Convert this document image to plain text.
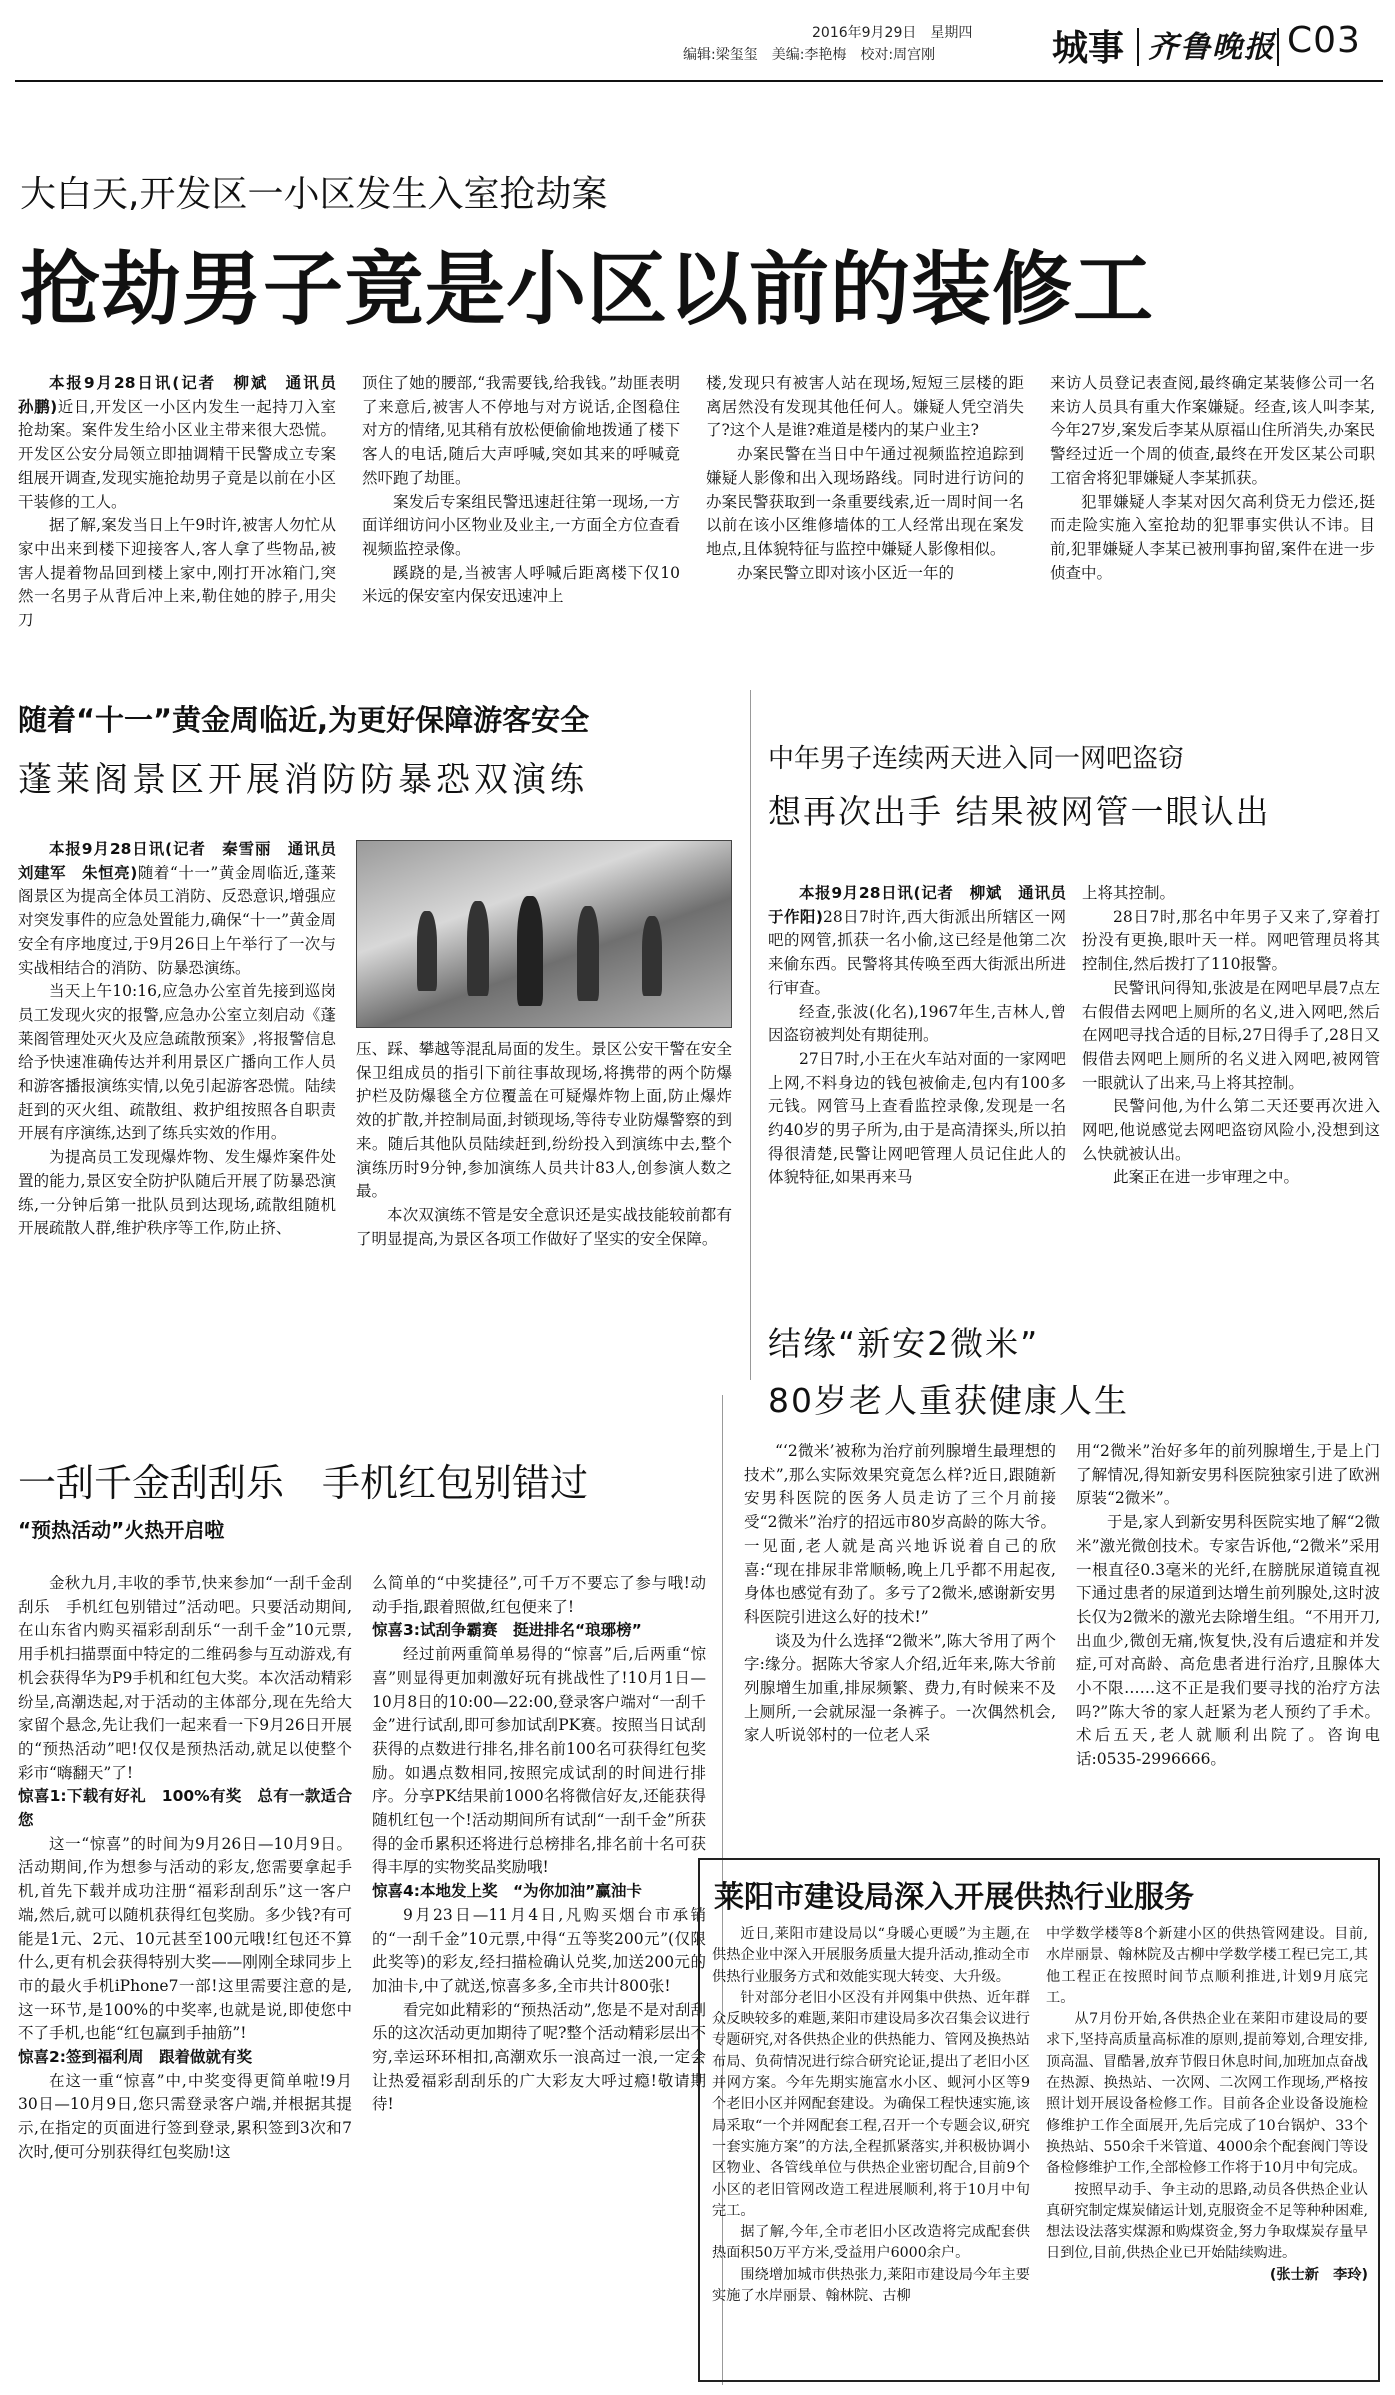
2016年9月29日　星期四
编辑:梁玺玺　美编:李艳梅　校对:周宫刚	城事 齐鲁晚报 C03
大白天,开发区一小区发生入室抢劫案
抢劫男子竟是小区以前的装修工

本报9月28日讯(记者　柳斌　通讯员　孙鹏)近日,开发区一小区内发生一起持刀入室抢劫案。案件发生给小区业主带来很大恐慌。开发区公安分局领立即抽调精干民警成立专案组展开调查,发现实施抢劫男子竟是以前在小区干装修的工人。

据了解,案发当日上午9时许,被害人勿忙从家中出来到楼下迎接客人,客人拿了些物品,被害人提着物品回到楼上家中,刚打开冰箱门,突然一名男子从背后冲上来,勒住她的脖子,用尖刀

顶住了她的腰部,“我需要钱,给我钱。”劫匪表明了来意后,被害人不停地与对方说话,企图稳住对方的情绪,见其稍有放松便偷偷地拨通了楼下客人的电话,随后大声呼喊,突如其来的呼喊竟然吓跑了劫匪。

案发后专案组民警迅速赶往第一现场,一方面详细访问小区物业及业主,一方面全方位查看视频监控录像。

蹊跷的是,当被害人呼喊后距离楼下仅10米远的保安室内保安迅速冲上

楼,发现只有被害人站在现场,短短三层楼的距离居然没有发现其他任何人。嫌疑人凭空消失了?这个人是谁?难道是楼内的某户业主?

办案民警在当日中午通过视频监控追踪到嫌疑人影像和出入现场路线。同时进行访问的办案民警获取到一条重要线索,近一周时间一名以前在该小区维修墙体的工人经常出现在案发地点,且体貌特征与监控中嫌疑人影像相似。

办案民警立即对该小区近一年的

来访人员登记表查阅,最终确定某装修公司一名来访人员具有重大作案嫌疑。经查,该人叫李某,今年27岁,案发后李某从原福山住所消失,办案民警经过近一个周的侦查,最终在开发区某公司职工宿舍将犯罪嫌疑人李某抓获。

犯罪嫌疑人李某对因欠高利贷无力偿还,挺而走险实施入室抢劫的犯罪事实供认不讳。目前,犯罪嫌疑人李某已被刑事拘留,案件在进一步侦查中。

随着“十一”黄金周临近,为更好保障游客安全
蓬莱阁景区开展消防防暴恐双演练

本报9月28日讯(记者　秦雪丽　通讯员　刘建军　朱恒亮)随着“十一”黄金周临近,蓬莱阁景区为提高全体员工消防、反恐意识,增强应对突发事件的应急处置能力,确保“十一”黄金周安全有序地度过,于9月26日上午举行了一次与实战相结合的消防、防暴恐演练。

当天上午10:16,应急办公室首先接到巡岗员工发现火灾的报警,应急办公室立刻启动《蓬莱阁管理处灭火及应急疏散预案》,将报警信息给予快速准确传达并利用景区广播向工作人员和游客播报演练实情,以免引起游客恐慌。陆续赶到的灭火组、疏散组、救护组按照各自职责开展有序演练,达到了练兵实效的作用。

为提高员工发现爆炸物、发生爆炸案件处置的能力,景区安全防护队随后开展了防暴恐演练,一分钟后第一批队员到达现场,疏散组随机开展疏散人群,维护秩序等工作,防止挤、

压、踩、攀越等混乱局面的发生。景区公安干警在安全保卫组成员的指引下前往事故现场,将携带的两个防爆护栏及防爆毯全方位覆盖在可疑爆炸物上面,防止爆炸效的扩散,并控制局面,封锁现场,等待专业防爆警察的到来。随后其他队员陆续赶到,纷纷投入到演练中去,整个演练历时9分钟,参加演练人员共计83人,创参演人数之最。

本次双演练不管是安全意识还是实战技能较前都有了明显提高,为景区各项工作做好了坚实的安全保障。

中年男子连续两天进入同一网吧盗窃
想再次出手 结果被网管一眼认出

本报9月28日讯(记者　柳斌　通讯员　于作阳)28日7时许,西大街派出所辖区一网吧的网管,抓获一名小偷,这已经是他第二次来偷东西。民警将其传唤至西大街派出所进行审查。

经查,张波(化名),1967年生,吉林人,曾因盗窃被判处有期徒刑。

27日7时,小王在火车站对面的一家网吧上网,不料身边的钱包被偷走,包内有100多元钱。网管马上查看监控录像,发现是一名约40岁的男子所为,由于是高清探头,所以拍得很清楚,民警让网吧管理人员记住此人的体貌特征,如果再来马

上将其控制。

28日7时,那名中年男子又来了,穿着打扮没有更换,眼叶天一样。网吧管理员将其控制住,然后拨打了110报警。

民警讯问得知,张波是在网吧早晨7点左右假借去网吧上厕所的名义,进入网吧,然后在网吧寻找合适的目标,27日得手了,28日又假借去网吧上厕所的名义进入网吧,被网管一眼就认了出来,马上将其控制。

民警问他,为什么第二天还要再次进入网吧,他说感觉去网吧盗窃风险小,没想到这么快就被认出。

此案正在进一步审理之中。

一刮千金刮刮乐　手机红包别错过
“预热活动”火热开启啦

金秋九月,丰收的季节,快来参加“一刮千金刮刮乐　手机红包别错过”活动吧。只要活动期间,在山东省内购买福彩刮刮乐“一刮千金”10元票,用手机扫描票面中特定的二维码参与互动游戏,有机会获得华为P9手机和红包大奖。本次活动精彩纷呈,高潮迭起,对于活动的主体部分,现在先给大家留个悬念,先让我们一起来看一下9月26日开展的“预热活动”吧!仅仅是预热活动,就足以使整个彩市“嗨翻天”了!

惊喜1:下载有好礼　100%有奖　总有一款适合您

这一“惊喜”的时间为9月26日—10月9日。活动期间,作为想参与活动的彩友,您需要拿起手机,首先下载并成功注册“福彩刮刮乐”这一客户端,然后,就可以随机获得红包奖励。多少钱?有可能是1元、2元、10元甚至100元哦!红包还不算什么,更有机会获得特别大奖——刚刚全球同步上市的最火手机iPhone7一部!这里需要注意的是,这一环节,是100%的中奖率,也就是说,即使您中不了手机,也能“红包赢到手抽筋”!

惊喜2:签到福利周　跟着做就有奖

在这一重“惊喜”中,中奖变得更简单啦!9月30日—10月9日,您只需登录客户端,并根据其提示,在指定的页面进行签到登录,累积签到3次和7次时,便可分别获得红包奖励!这

么简单的“中奖捷径”,可千万不要忘了参与哦!动动手指,跟着照做,红包便来了!

惊喜3:试刮争霸赛　挺进排名“琅琊榜”

经过前两重简单易得的“惊喜”后,后两重“惊喜”则显得更加刺激好玩有挑战性了!10月1日—10月8日的10:00—22:00,登录客户端对“一刮千金”进行试刮,即可参加试刮PK赛。按照当日试刮获得的点数进行排名,排名前100名可获得红包奖励。如遇点数相同,按照完成试刮的时间进行排序。分享PK结果前1000名将微信好友,还能获得随机红包一个!活动期间所有试刮“一刮千金”所获得的金币累积还将进行总榜排名,排名前十名可获得丰厚的实物奖品奖励哦!

惊喜4:本地发上奖　“为你加油”赢油卡

9月23日—11月4日,凡购买烟台市承销的“一刮千金”10元票,中得“五等奖200元”(仅限此奖等)的彩友,经扫描检确认兑奖,加送200元的加油卡,中了就送,惊喜多多,全市共计800张!

看完如此精彩的“预热活动”,您是不是对刮刮乐的这次活动更加期待了呢?整个活动精彩层出不穷,幸运环环相扣,高潮欢乐一浪高过一浪,一定会让热爱福彩刮刮乐的广大彩友大呼过瘾!敬请期待!

结缘“新安2微米”
80岁老人重获健康人生

“‘2微米’被称为治疗前列腺增生最理想的技术”,那么实际效果究竟怎么样?近日,跟随新安男科医院的医务人员走访了三个月前接受“2微米”治疗的招远市80岁高龄的陈大爷。一见面,老人就是高兴地诉说着自己的欣喜:“现在排尿非常顺畅,晚上几乎都不用起夜,身体也感觉有劲了。多亏了2微米,感谢新安男科医院引进这么好的技术!”

谈及为什么选择“2微米”,陈大爷用了两个字:缘分。据陈大爷家人介绍,近年来,陈大爷前列腺增生加重,排尿频繁、费力,有时候来不及上厕所,一会就尿湿一条裤子。一次偶然机会,家人听说邻村的一位老人采

用“2微米”治好多年的前列腺增生,于是上门了解情况,得知新安男科医院独家引进了欧洲原装“2微米”。

于是,家人到新安男科医院实地了解“2微米”激光微创技术。专家告诉他,“2微米”采用一根直径0.3毫米的光纤,在膀胱尿道镜直视下通过患者的尿道到达增生前列腺处,这时波长仅为2微米的激光去除增生组。“不用开刀,出血少,微创无痛,恢复快,没有后遗症和并发症,可对高龄、高危患者进行治疗,且腺体大小不限……这不正是我们要寻找的治疗方法吗?”陈大爷的家人赶紧为老人预约了手术。术后五天,老人就顺利出院了。咨询电话:0535-2996666。

莱阳市建设局深入开展供热行业服务

近日,莱阳市建设局以“身暖心更暖”为主题,在供热企业中深入开展服务质量大提升活动,推动全市供热行业服务方式和效能实现大转变、大升级。

针对部分老旧小区没有并网集中供热、近年群众反映较多的难题,莱阳市建设局多次召集会议进行专题研究,对各供热企业的供热能力、管网及换热站布局、负荷情况进行综合研究论证,提出了老旧小区并网方案。今年先期实施富水小区、蚬河小区等9个老旧小区并网配套建设。为确保工程快速实施,该局采取“一个并网配套工程,召开一个专题会议,研究一套实施方案”的方法,全程抓紧落实,并积极协调小区物业、各管线单位与供热企业密切配合,目前9个小区的老旧管网改造工程进展顺利,将于10月中旬完工。

据了解,今年,全市老旧小区改造将完成配套供热面积50万平方米,受益用户6000余户。

围绕增加城市供热张力,莱阳市建设局今年主要实施了水岸丽景、翰林院、古柳

中学数学楼等8个新建小区的供热管网建设。目前,水岸丽景、翰林院及古柳中学数学楼工程已完工,其他工程正在按照时间节点顺利推进,计划9月底完工。

从7月份开始,各供热企业在莱阳市建设局的要求下,坚持高质量高标准的原则,提前筹划,合理安排,顶高温、冒酷暑,放弃节假日休息时间,加班加点奋战在热源、换热站、一次网、二次网工作现场,严格按照计划开展设备检修工作。目前各企业设备设施检修维护工作全面展开,先后完成了10台锅炉、33个换热站、550余千米管道、4000余个配套阀门等设备检修维护工作,全部检修工作将于10月中旬完成。

按照早动手、争主动的思路,动员各供热企业认真研究制定煤炭储运计划,克服资金不足等种种困难,想法设法落实煤源和购煤资金,努力争取煤炭存量早日到位,目前,供热企业已开始陆续购进。

(张士新　李玲)
